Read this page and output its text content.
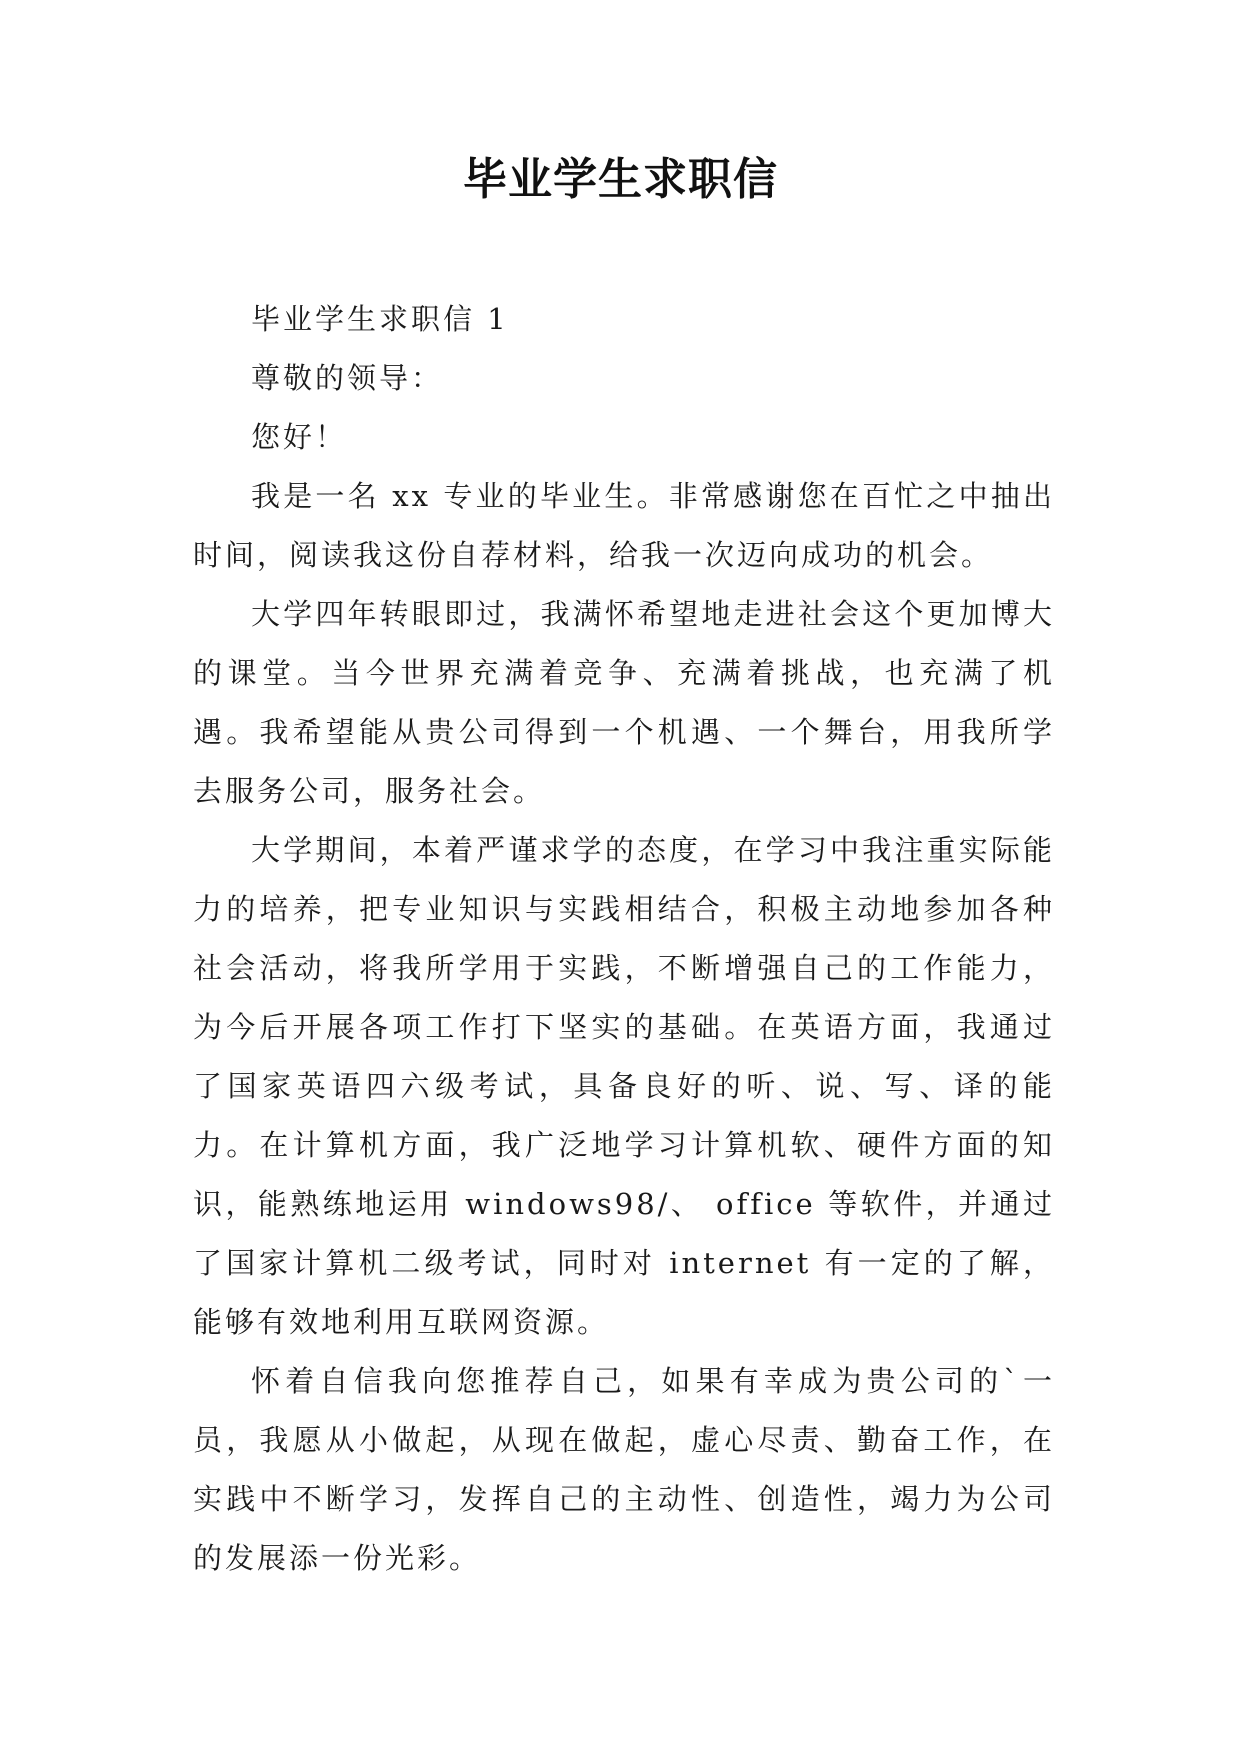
毕业学生求职信

毕业学生求职信 1

尊敬的领导：

您好！

我是一名 xx 专业的毕业生。非常感谢您在百忙之中抽出时间，阅读我这份自荐材料，给我一次迈向成功的机会。

大学四年转眼即过，我满怀希望地走进社会这个更加博大的课堂。当今世界充满着竞争、充满着挑战，也充满了机遇。我希望能从贵公司得到一个机遇、一个舞台，用我所学去服务公司，服务社会。

大学期间，本着严谨求学的态度，在学习中我注重实际能力的培养，把专业知识与实践相结合，积极主动地参加各种社会活动，将我所学用于实践，不断增强自己的工作能力，为今后开展各项工作打下坚实的基础。在英语方面，我通过了国家英语四六级考试，具备良好的听、说、写、译的能力。在计算机方面，我广泛地学习计算机软、硬件方面的知识，能熟练地运用 windows98/、 office 等软件，并通过了国家计算机二级考试，同时对 internet 有一定的了解，能够有效地利用互联网资源。

怀着自信我向您推荐自己，如果有幸成为贵公司的`一员，我愿从小做起，从现在做起，虚心尽责、勤奋工作，在实践中不断学习，发挥自己的主动性、创造性，竭力为公司的发展添一份光彩。
